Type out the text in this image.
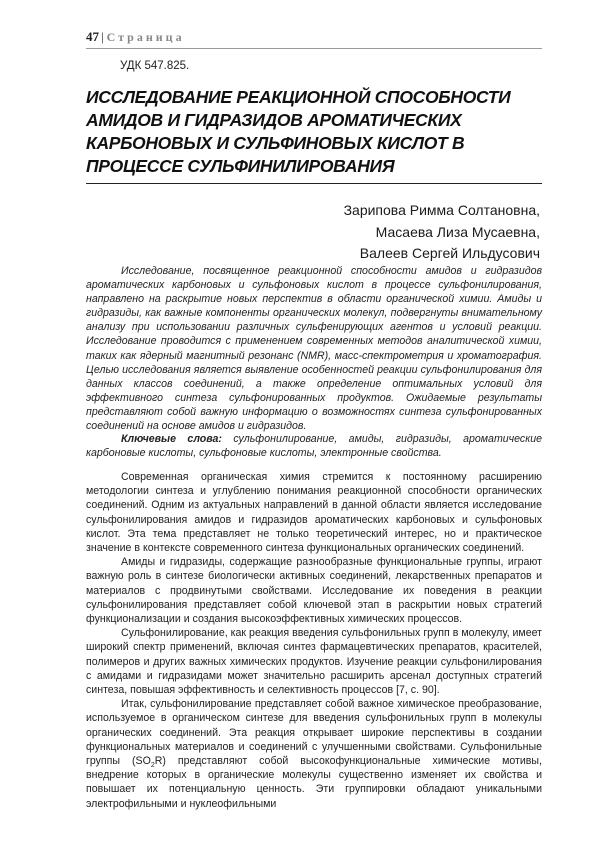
47 | Страница
УДК 547.825.
ИССЛЕДОВАНИЕ РЕАКЦИОННОЙ СПОСОБНОСТИ АМИДОВ И ГИДРАЗИДОВ АРОМАТИЧЕСКИХ КАРБОНОВЫХ И СУЛЬФИНОВЫХ КИСЛОТ В ПРОЦЕССЕ СУЛЬФИНИЛИРОВАНИЯ
Зарипова Римма Солтановна,
Масаева Лиза Мусаевна,
Валеев Сергей Ильдусович

Исследование, посвященное реакционной способности амидов и гидразидов ароматических карбоновых и сульфоновых кислот в процессе сульфонилирования, направлено на раскрытие новых перспектив в области органической химии. Амиды и гидразиды, как важные компоненты органических молекул, подвергнуты внимательному анализу при использовании различных сульфенирующих агентов и условий реакции. Исследование проводится с применением современных методов аналитической химии, таких как ядерный магнитный резонанс (NMR), масс-спектрометрия и хроматография. Целью исследования является выявление особенностей реакции сульфонилирования для данных классов соединений, а также определение оптимальных условий для эффективного синтеза сульфонированных продуктов. Ожидаемые результаты представляют собой важную информацию о возможностях синтеза сульфонированных соединений на основе амидов и гидразидов.

Ключевые слова: сульфонилирование, амиды, гидразиды, ароматические карбоновые кислоты, сульфоновые кислоты, электронные свойства.

Современная органическая химия стремится к постоянному расширению методологии синтеза и углублению понимания реакционной способности органических соединений. Одним из актуальных направлений в данной области является исследование сульфонилирования амидов и гидразидов ароматических карбоновых и сульфоновых кислот. Эта тема представляет не только теоретический интерес, но и практическое значение в контексте современного синтеза функциональных органических соединений.

Амиды и гидразиды, содержащие разнообразные функциональные группы, играют важную роль в синтезе биологически активных соединений, лекарственных препаратов и материалов с продвинутыми свойствами. Исследование их поведения в реакции сульфонилирования представляет собой ключевой этап в раскрытии новых стратегий функционализации и создания высокоэффективных химических процессов.

Сульфонилирование, как реакция введения сульфонильных групп в молекулу, имеет широкий спектр применений, включая синтез фармацевтических препаратов, красителей, полимеров и других важных химических продуктов. Изучение реакции сульфонилирования с амидами и гидразидами может значительно расширить арсенал доступных стратегий синтеза, повышая эффективность и селективность процессов [7, с. 90].

Итак, сульфонилирование представляет собой важное химическое преобразование, используемое в органическом синтезе для введения сульфонильных групп в молекулы органических соединений. Эта реакция открывает широкие перспективы в создании функциональных материалов и соединений с улучшенными свойствами. Сульфонильные группы $(SO_2R)$ представляют собой высокофункциональные химические мотивы, внедрение которых в органические молекулы существенно изменяет их свойства и повышает их потенциальную ценность. Эти группировки обладают уникальными электрофильными и нуклеофильными
